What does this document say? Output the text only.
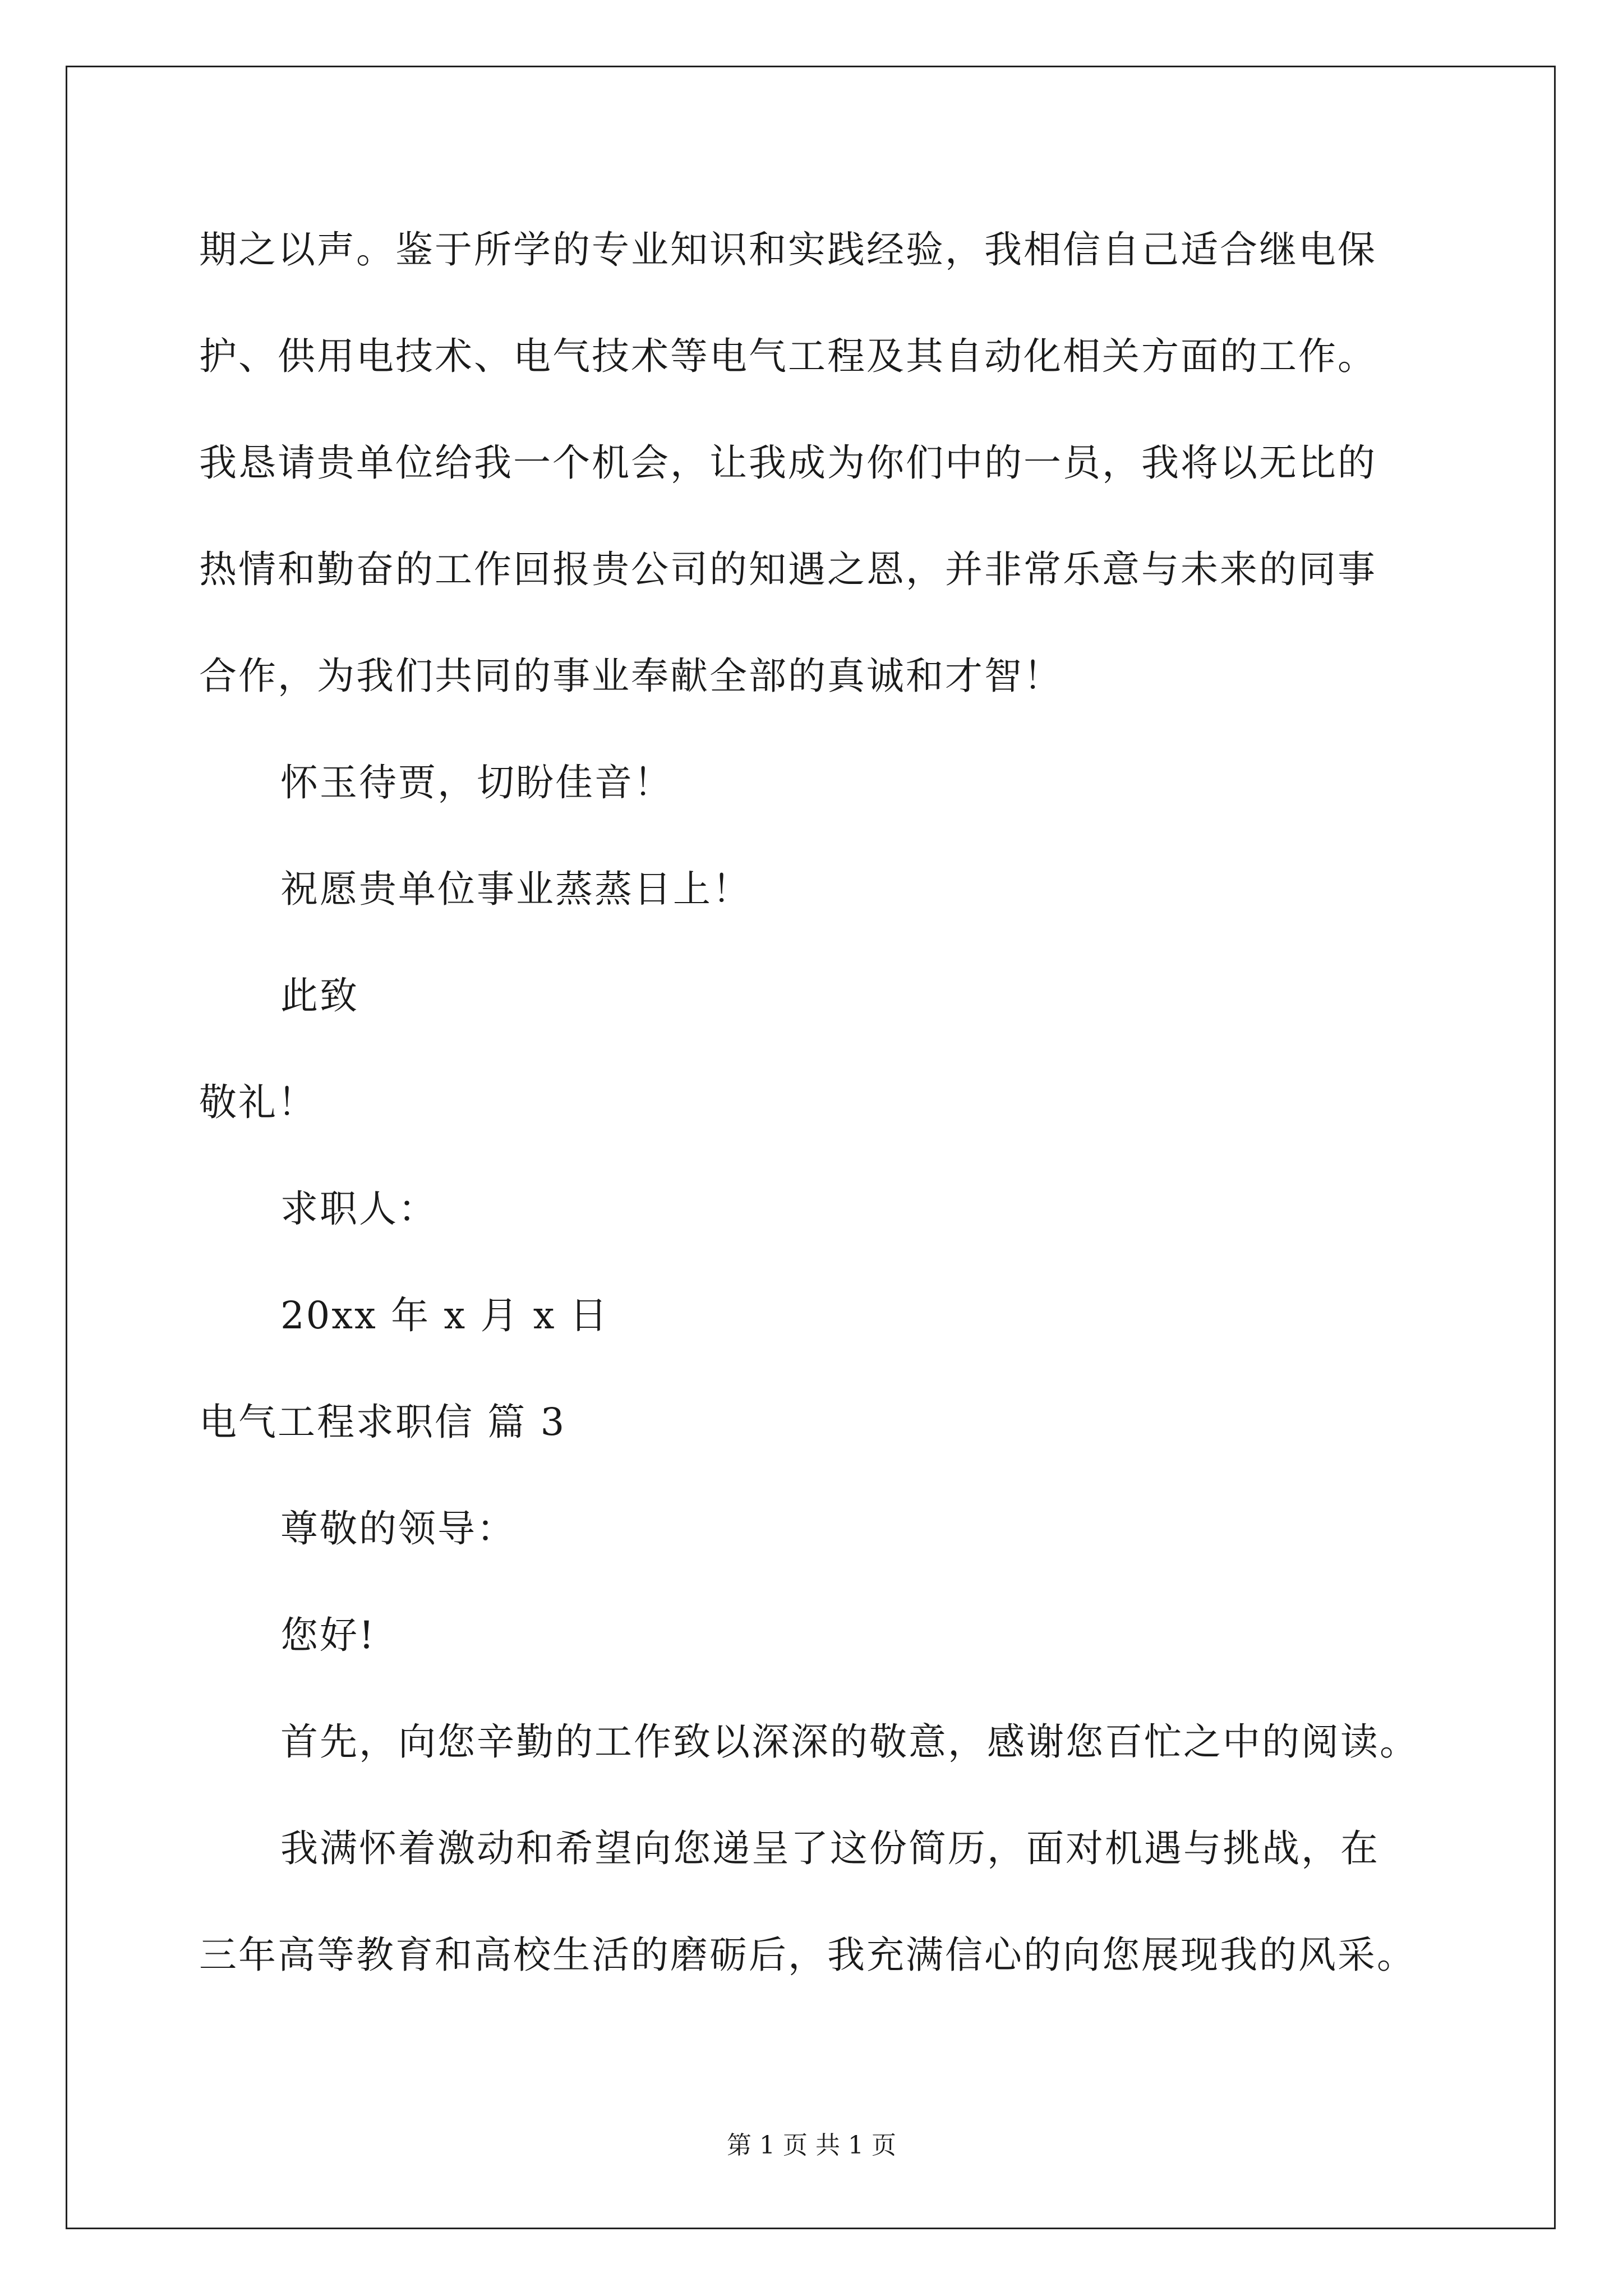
期之以声。鉴于所学的专业知识和实践经验，我相信自己适合继电保
护、供用电技术、电气技术等电气工程及其自动化相关方面的工作。
我恳请贵单位给我一个机会，让我成为你们中的一员，我将以无比的
热情和勤奋的工作回报贵公司的知遇之恩，并非常乐意与未来的同事
合作，为我们共同的事业奉献全部的真诚和才智！
怀玉待贾，切盼佳音！
祝愿贵单位事业蒸蒸日上！
此致
敬礼！
求职人：
20xx 年 x 月 x 日
电气工程求职信 篇 3
尊敬的领导：
您好!
首先，向您辛勤的工作致以深深的敬意，感谢您百忙之中的阅读。
我满怀着激动和希望向您递呈了这份简历，面对机遇与挑战，在
三年高等教育和高校生活的磨砺后，我充满信心的向您展现我的风采。
第 1 页 共 1 页
